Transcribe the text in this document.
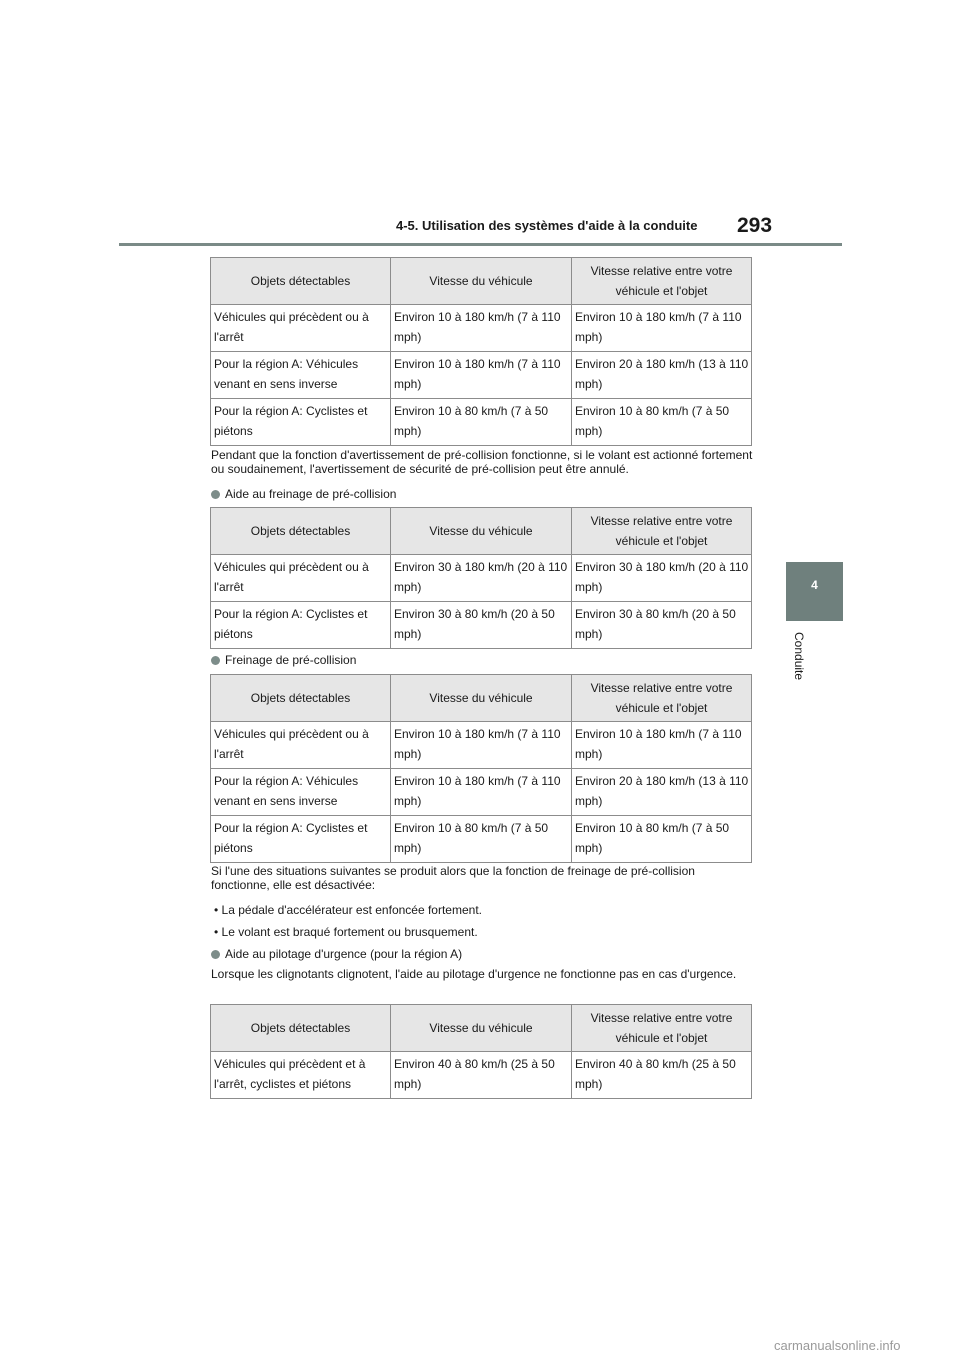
4-5. Utilisation des systèmes d'aide à la conduite 293
4
Conduite
Objets détectables	Vitesse du véhicule	Vitesse relative entre votre véhicule et l'objet
Véhicules qui précèdent ou à l'arrêt	Environ 10 à 180 km/h (7 à 110 mph)	Environ 10 à 180 km/h (7 à 110 mph)
Pour la région A: Véhicules venant en sens inverse	Environ 10 à 180 km/h (7 à 110 mph)	Environ 20 à 180 km/h (13 à 110 mph)
Pour la région A: Cyclistes et piétons	Environ 10 à 80 km/h (7 à 50 mph)	Environ 10 à 80 km/h (7 à 50 mph)
Pendant que la fonction d'avertissement de pré-collision fonctionne, si le volant est actionné fortement ou soudainement, l'avertissement de sécurité de pré-collision peut être annulé.
Aide au freinage de pré-collision
Objets détectables	Vitesse du véhicule	Vitesse relative entre votre véhicule et l'objet
Véhicules qui précèdent ou à l'arrêt	Environ 30 à 180 km/h (20 à 110 mph)	Environ 30 à 180 km/h (20 à 110 mph)
Pour la région A: Cyclistes et piétons	Environ 30 à 80 km/h (20 à 50 mph)	Environ 30 à 80 km/h (20 à 50 mph)
Freinage de pré-collision
Objets détectables	Vitesse du véhicule	Vitesse relative entre votre véhicule et l'objet
Véhicules qui précèdent ou à l'arrêt	Environ 10 à 180 km/h (7 à 110 mph)	Environ 10 à 180 km/h (7 à 110 mph)
Pour la région A: Véhicules venant en sens inverse	Environ 10 à 180 km/h (7 à 110 mph)	Environ 20 à 180 km/h (13 à 110 mph)
Pour la région A: Cyclistes et piétons	Environ 10 à 80 km/h (7 à 50 mph)	Environ 10 à 80 km/h (7 à 50 mph)
Si l'une des situations suivantes se produit alors que la fonction de freinage de pré-collision fonctionne, elle est désactivée:
• La pédale d'accélérateur est enfoncée fortement.
• Le volant est braqué fortement ou brusquement.
Aide au pilotage d'urgence (pour la région A)
Lorsque les clignotants clignotent, l'aide au pilotage d'urgence ne fonctionne pas en cas d'urgence.
Objets détectables	Vitesse du véhicule	Vitesse relative entre votre véhicule et l'objet
Véhicules qui précèdent et à l'arrêt, cyclistes et piétons	Environ 40 à 80 km/h (25 à 50 mph)	Environ 40 à 80 km/h (25 à 50 mph)
carmanualsonline.info
